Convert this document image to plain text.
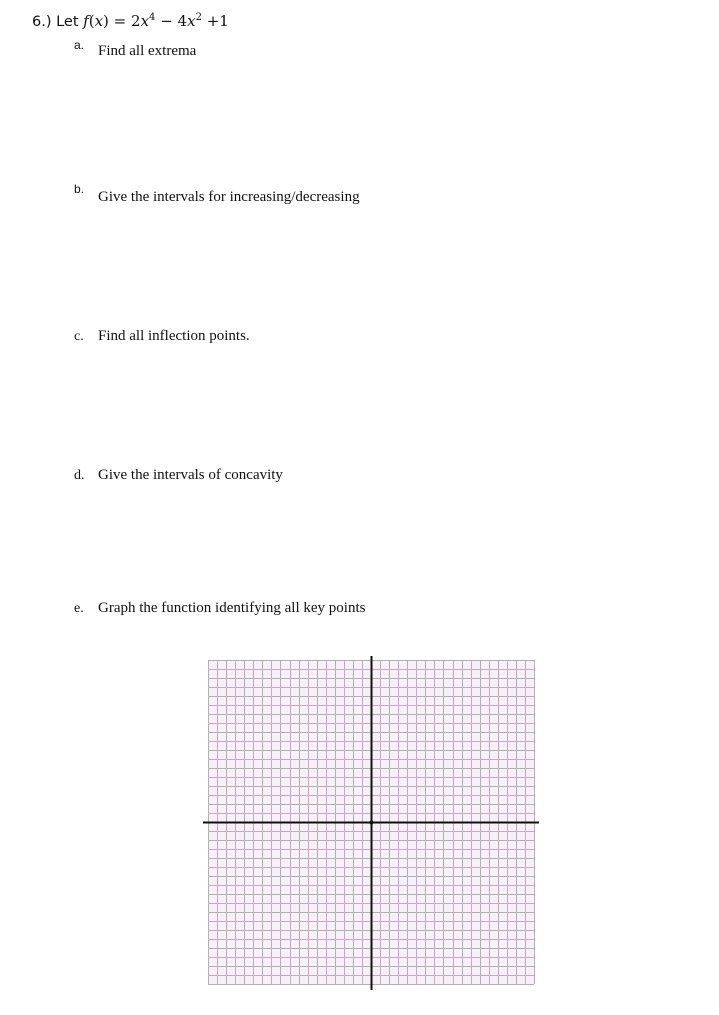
6.) Let $f(x) = 2x^4 - 4x^2 +1$
a. Find all extrema
b. Give the intervals for increasing/decreasing
c. Find all inflection points.
d. Give the intervals of concavity
e. Graph the function identifying all key points
